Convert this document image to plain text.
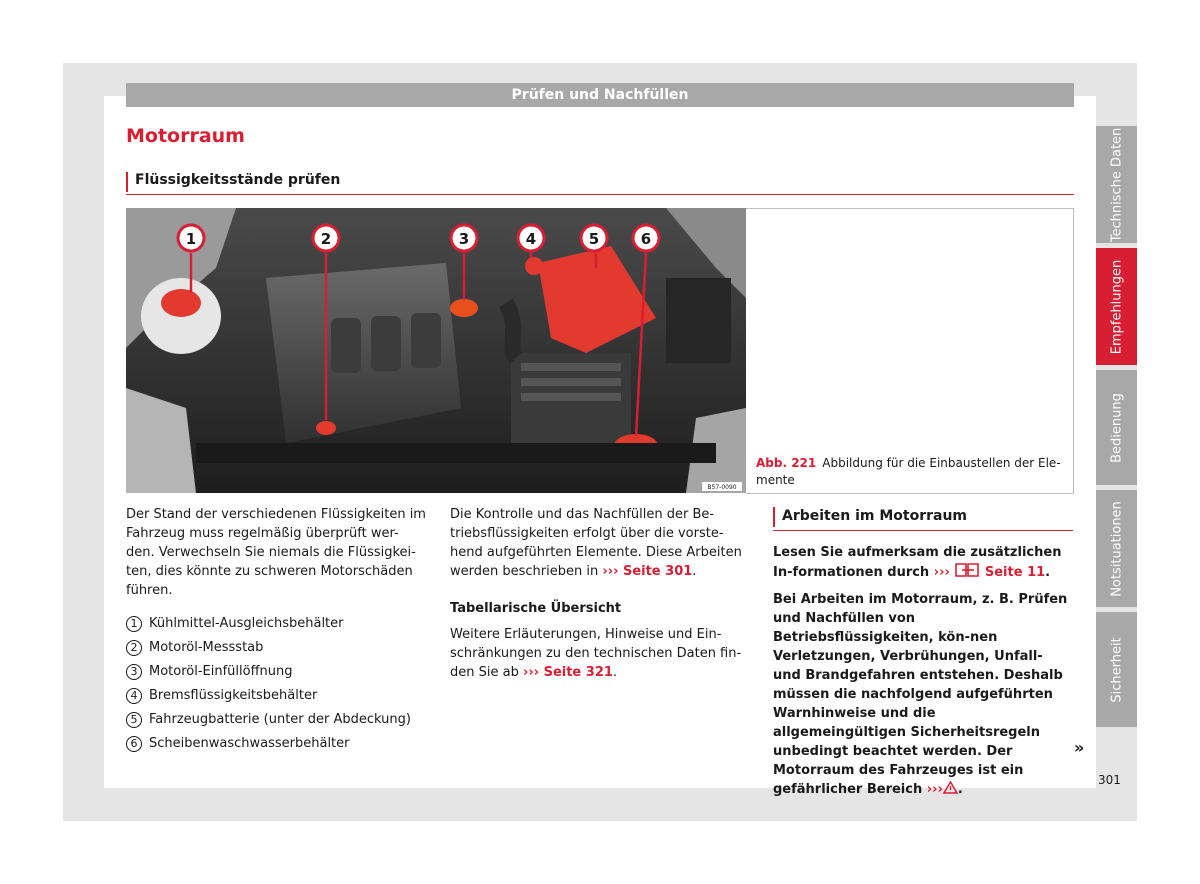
Prüfen und Nachfüllen
Motorraum
Flüssigkeitsstände prüfen
1	2	3	4	5	6
B57-0090
Abb. 221 Abbildung für die Einbaustellen der Ele-mente
Der Stand der verschiedenen Flüssigkeiten im Fahrzeug muss regelmäßig überprüft wer-den. Verwechseln Sie niemals die Flüssigkei-ten, dies könnte zu schweren Motorschäden führen.
1 Kühlmittel-Ausgleichsbehälter
2 Motoröl-Messstab
3 Motoröl-Einfüllöffnung
4 Bremsflüssigkeitsbehälter
5 Fahrzeugbatterie (unter der Abdeckung)
6 Scheibenwaschwasserbehälter
Die Kontrolle und das Nachfüllen der Be-triebsflüssigkeiten erfolgt über die vorste-hend aufgeführten Elemente. Diese Arbeiten werden beschrieben in ››› Seite 301.
Tabellarische Übersicht
Weitere Erläuterungen, Hinweise und Ein-schränkungen zu den technischen Daten fin-den Sie ab ››› Seite 321.
Arbeiten im Motorraum
Lesen Sie aufmerksam die zusätzlichen In-formationen durch ›››  Seite 11.
Bei Arbeiten im Motorraum, z. B. Prüfen und Nachfüllen von Betriebsflüssigkeiten, kön-nen Verletzungen, Verbrühungen, Unfall- und Brandgefahren entstehen. Deshalb müssen die nachfolgend aufgeführten Warnhinweise und die allgemeingültigen Sicherheitsregeln unbedingt beachtet werden. Der Motorraum des Fahrzeuges ist ein gefährlicher Bereich ››› .
»
Technische Daten
Empfehlungen
Bedienung
Notsituationen
Sicherheit
301
